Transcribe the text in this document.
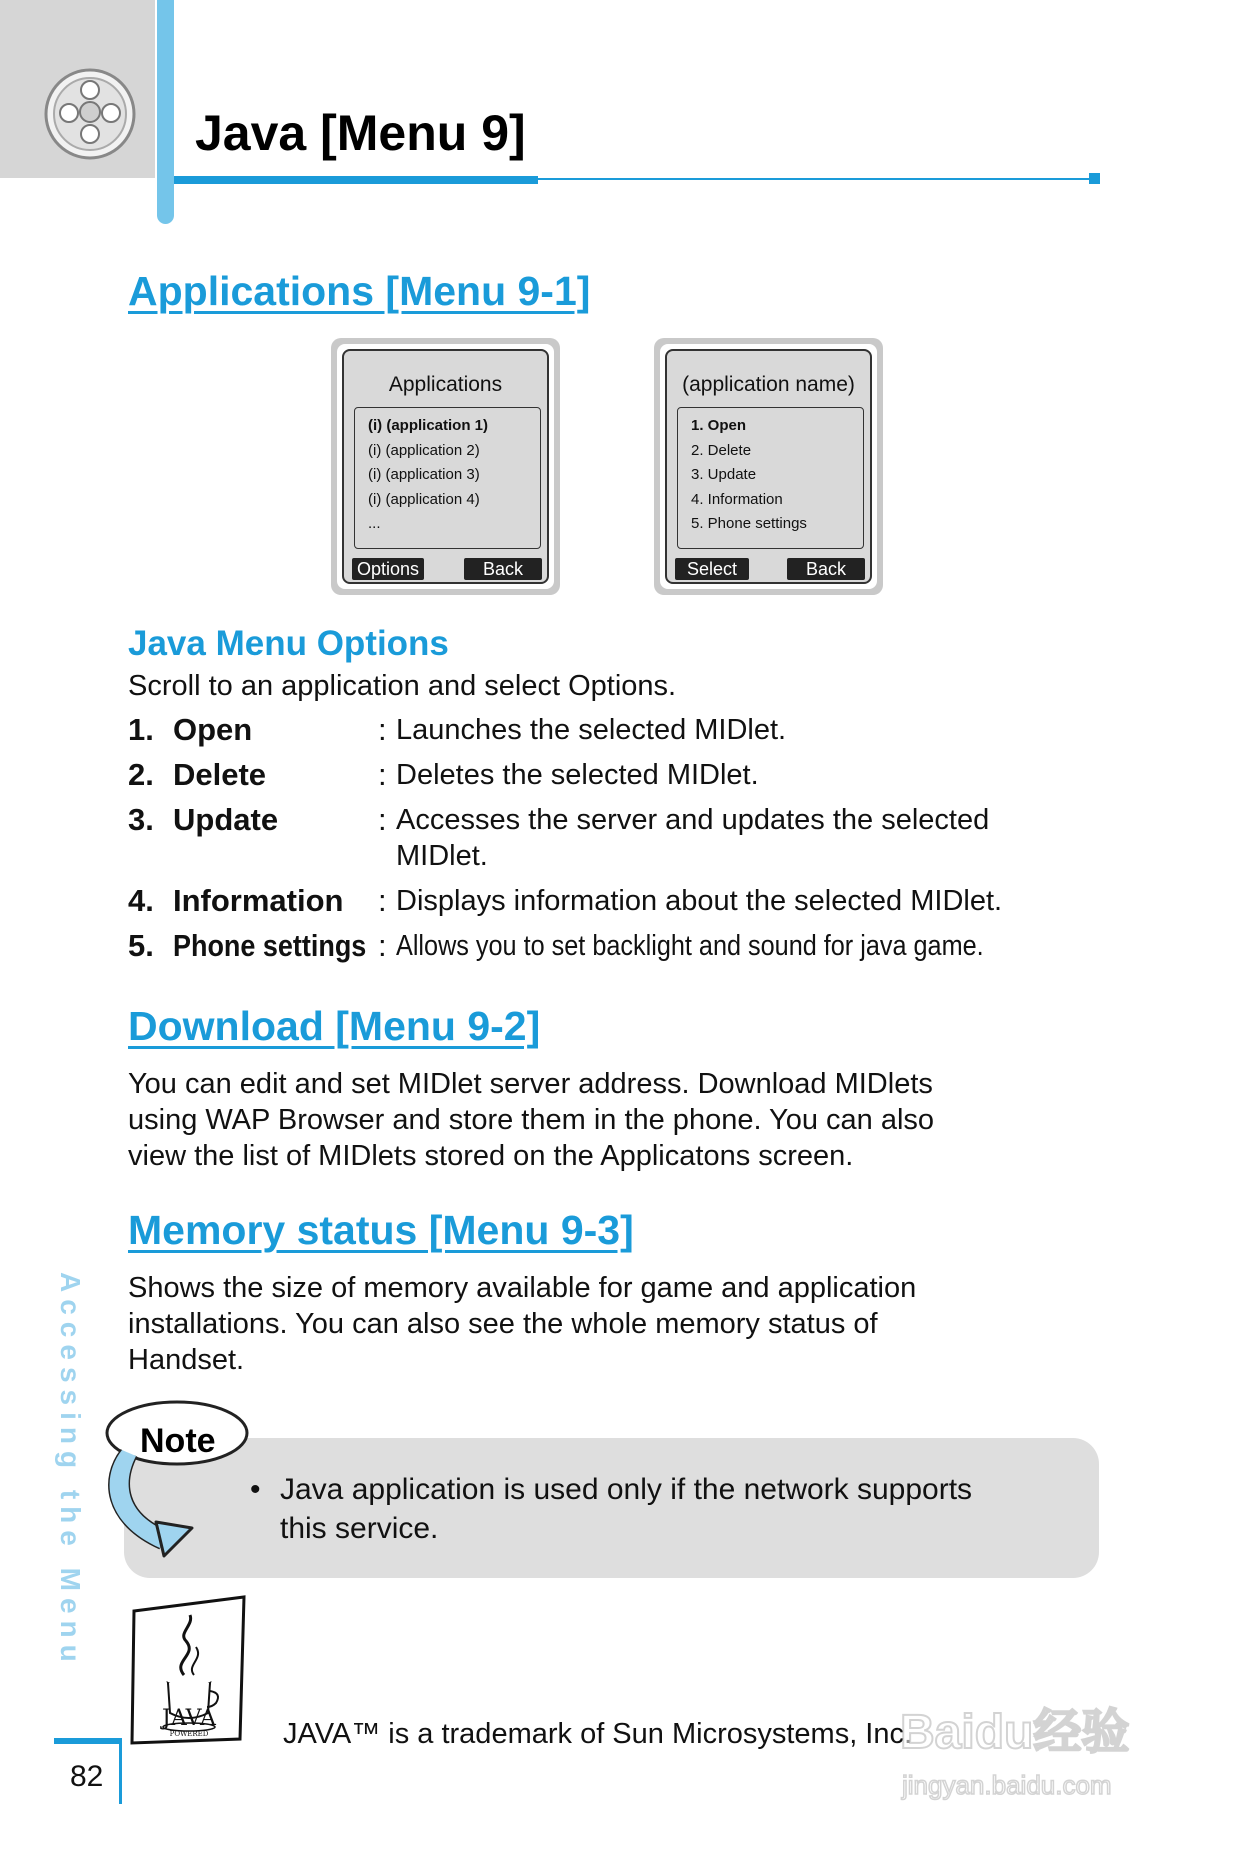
Java [Menu 9]
Applications [Menu 9-1]
Applications
(i) (application 1)
(i) (application 2)
(i) (application 3)
(i) (application 4)
...
Options	Back
(application name)
1. Open
2. Delete
3. Update
4. Information
5. Phone settings
Select	Back
Java Menu Options
Scroll to an application and select Options.
1. Open	: Launches the selected MIDlet.
2. Delete	: Deletes the selected MIDlet.
3. Update	: Accesses the server and updates the selected
MIDlet.
4. Information : Displays information about the selected MIDlet.
5. Phone settings : Allows you to set backlight and sound for java game.
Download [Menu 9-2]
You can edit and set MIDlet server address. Download MIDlets
using WAP Browser and store them in the phone. You can also
view the list of MIDlets stored on the Applicatons screen.
Memory status [Menu 9-3]
Shows the size of memory available for game and application
installations. You can also see the whole memory status of
Handset.
Accessing the Menu
82
Note
• Java application is used only if the network supports
this service.
JAVA
POWERED	JAVA™ is a trademark of Sun Microsystems, Inc.
Baidu经验
jingyan.baidu.com
